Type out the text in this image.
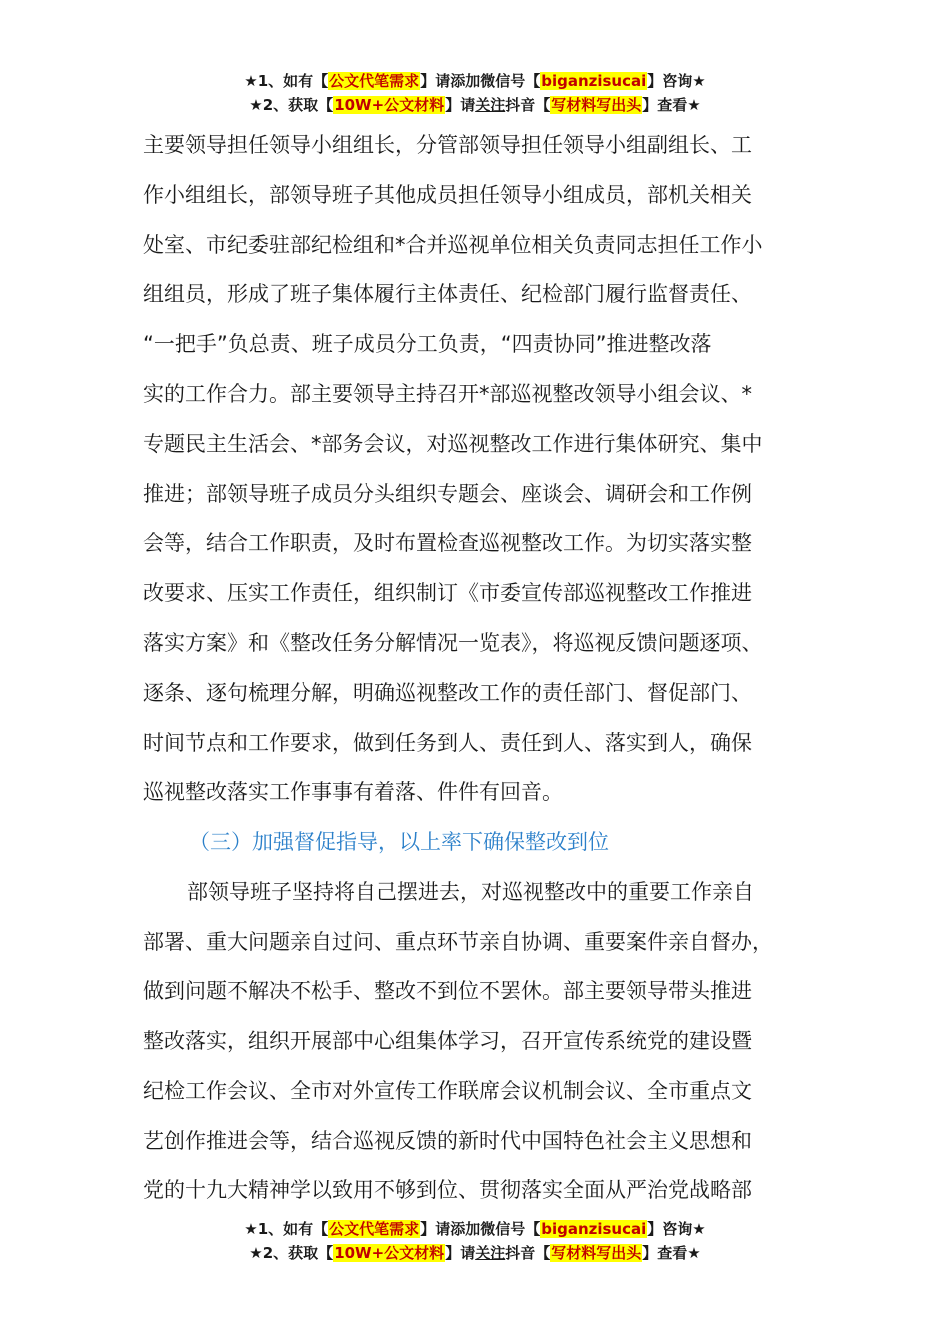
★1、如有【公文代笔需求】请添加微信号【biganzisucai】咨询★
★2、获取【10W+公文材料】请关注抖音【写材料写出头】查看★
主要领导担任领导小组组长，分管部领导担任领导小组副组长、工
作小组组长，部领导班子其他成员担任领导小组成员，部机关相关
处室、市纪委驻部纪检组和*合并巡视单位相关负责同志担任工作小
组组员，形成了班子集体履行主体责任、纪检部门履行监督责任、
“一把手”负总责、班子成员分工负责，“四责协同”推进整改落
实的工作合力。部主要领导主持召开*部巡视整改领导小组会议、*
专题民主生活会、*部务会议，对巡视整改工作进行集体研究、集中
推进；部领导班子成员分头组织专题会、座谈会、调研会和工作例
会等，结合工作职责，及时布置检查巡视整改工作。为切实落实整
改要求、压实工作责任，组织制订《市委宣传部巡视整改工作推进
落实方案》和《整改任务分解情况一览表》，将巡视反馈问题逐项、
逐条、逐句梳理分解，明确巡视整改工作的责任部门、督促部门、
时间节点和工作要求，做到任务到人、责任到人、落实到人，确保
巡视整改落实工作事事有着落、件件有回音。
（三）加强督促指导，以上率下确保整改到位
部领导班子坚持将自己摆进去，对巡视整改中的重要工作亲自
部署、重大问题亲自过问、重点环节亲自协调、重要案件亲自督办，
做到问题不解决不松手、整改不到位不罢休。部主要领导带头推进
整改落实，组织开展部中心组集体学习，召开宣传系统党的建设暨
纪检工作会议、全市对外宣传工作联席会议机制会议、全市重点文
艺创作推进会等，结合巡视反馈的新时代中国特色社会主义思想和
党的十九大精神学以致用不够到位、贯彻落实全面从严治党战略部
★1、如有【公文代笔需求】请添加微信号【biganzisucai】咨询★
★2、获取【10W+公文材料】请关注抖音【写材料写出头】查看★
